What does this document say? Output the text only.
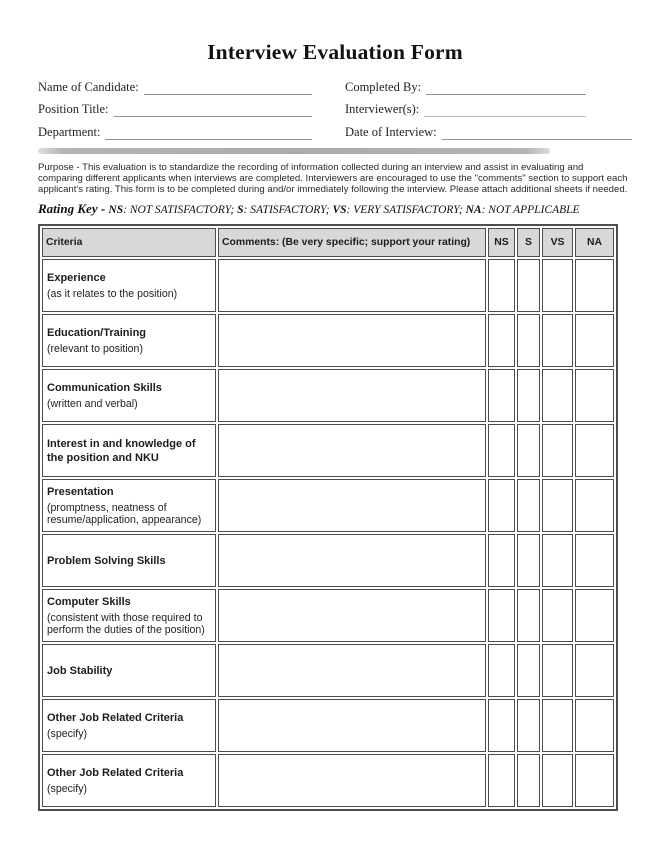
Interview Evaluation Form
Name of Candidate:
Position Title:
Department:
Completed By:
Interviewer(s):
Date of Interview:

Purpose - This evaluation is to standardize the recording of information collected during an interview and assist in evaluating and comparing different applicants when interviews are completed. Interviewers are encouraged to use the "comments" section to support each applicant's rating. This form is to be completed during and/or immediately following the interview. Please attach additional sheets if needed.

Rating Key - NS: NOT SATISFACTORY; S: SATISFACTORY; VS: VERY SATISFACTORY; NA: NOT APPLICABLE

Criteria	Comments: (Be very specific; support your rating)	NS	S	VS	NA

Experience
(as it relates to the position)					

Education/Training
(relevant to position)					

Communication Skills
(written and verbal)					

Interest in and knowledge of the position and NKU					

Presentation
(promptness, neatness of resume/application, appearance)					

Problem Solving Skills					

Computer Skills
(consistent with those required to perform the duties of the position)					

Job Stability					

Other Job Related Criteria
(specify)					

Other Job Related Criteria
(specify)					
